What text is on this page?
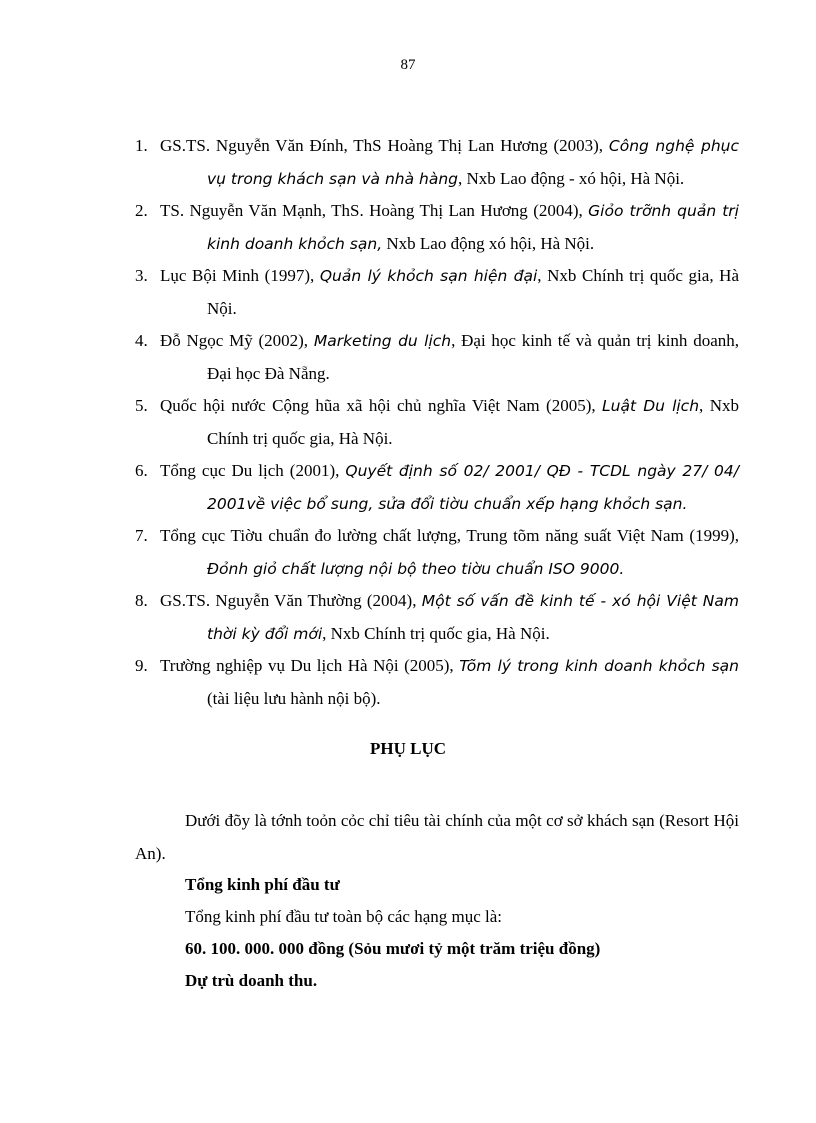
87
1. GS.TS. Nguyễn Văn Đính, ThS Hoàng Thị Lan Hương (2003), Công nghệ phục vụ trong khách sạn và nhà hàng, Nxb Lao động - xó hội, Hà Nội.
2. TS. Nguyễn Văn Mạnh, ThS. Hoàng Thị Lan Hương (2004), Giỏo trỡnh quản trị kinh doanh khỏch sạn, Nxb Lao động xó hội, Hà Nội.
3. Lục Bội Minh (1997), Quản lý khỏch sạn hiện đại, Nxb Chính trị quốc gia, Hà Nội.
4. Đỗ Ngọc Mỹ (2002), Marketing du lịch, Đại học kinh tế và quản trị kinh doanh, Đại học Đà Nẵng.
5. Quốc hội nước Cộng hũa xã hội chủ nghĩa Việt Nam (2005), Luật Du lịch, Nxb Chính trị quốc gia, Hà Nội.
6. Tổng cục Du lịch (2001), Quyết định số 02/ 2001/ QĐ - TCDL ngày 27/ 04/ 2001về việc bổ sung, sửa đổi tiờu chuẩn xếp hạng khỏch sạn.
7. Tổng cục Tiờu chuẩn đo lường chất lượng, Trung tõm năng suất Việt Nam (1999), Đỏnh giỏ chất lượng nội bộ theo tiờu chuẩn ISO 9000.
8. GS.TS. Nguyễn Văn Thường (2004), Một số vấn đề kinh tế - xó hội Việt Nam thời kỳ đổi mới, Nxb Chính trị quốc gia, Hà Nội.
9. Trường nghiệp vụ Du lịch Hà Nội (2005), Tõm lý trong kinh doanh khỏch sạn (tài liệu lưu hành nội bộ).
PHỤ LỤC

Dưới đõy là tớnh toỏn cỏc chỉ tiêu tài chính của một cơ sở khách sạn (Resort Hội An).

Tổng kinh phí đầu tư
Tổng kinh phí đầu tư toàn bộ các hạng mục là:
60. 100. 000. 000 đồng (Sỏu mươi tỷ một trăm triệu đồng)
Dự trù doanh thu.
